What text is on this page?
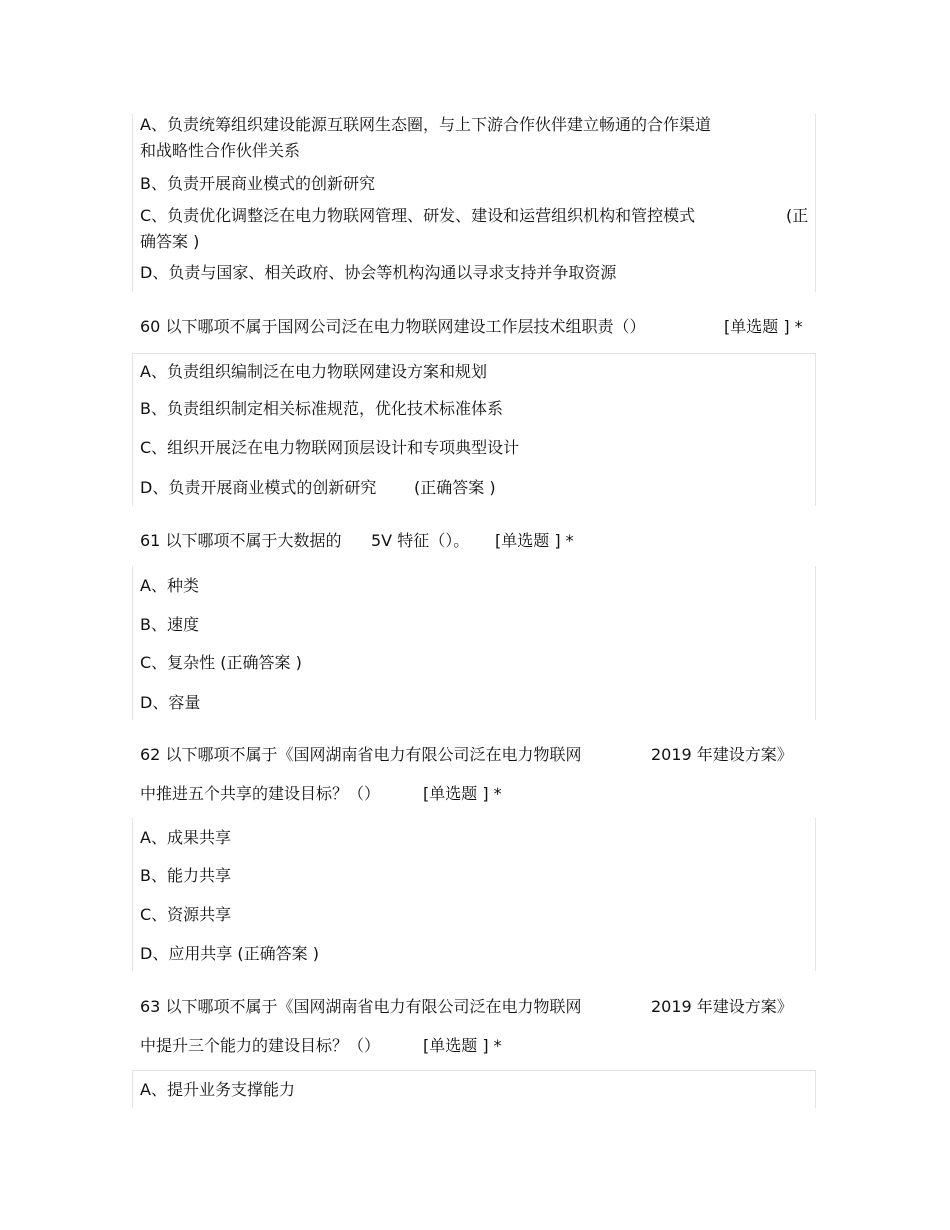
A、负责统筹组织建设能源互联网生态圈，与上下游合作伙伴建立畅通的合作渠道
和战略性合作伙伴关系
B、负责开展商业模式的创新研究
C、负责优化调整泛在电力物联网管理、研发、建设和运营组织机构和管控模式	(正
确答案 )
D、负责与国家、相关政府、协会等机构沟通以寻求支持并争取资源
60 以下哪项不属于国网公司泛在电力物联网建设工作层技术组职责（）	[单选题 ] *
A、负责组织编制泛在电力物联网建设方案和规划
B、负责组织制定相关标准规范，优化技术标准体系
C、组织开展泛在电力物联网顶层设计和专项典型设计
D、负责开展商业模式的创新研究 (正确答案 )
61 以下哪项不属于大数据的 5V 特征（）。 [单选题 ] *
A、种类
B、速度
C、复杂性 (正确答案 )
D、容量
62 以下哪项不属于《国网湖南省电力有限公司泛在电力物联网	2019 年建设方案》
中推进五个共享的建设目标？（）	[单选题 ] *
A、成果共享
B、能力共享
C、资源共享
D、应用共享 (正确答案 )
63 以下哪项不属于《国网湖南省电力有限公司泛在电力物联网	2019 年建设方案》
中提升三个能力的建设目标？（）	[单选题 ] *
A、提升业务支撑能力
